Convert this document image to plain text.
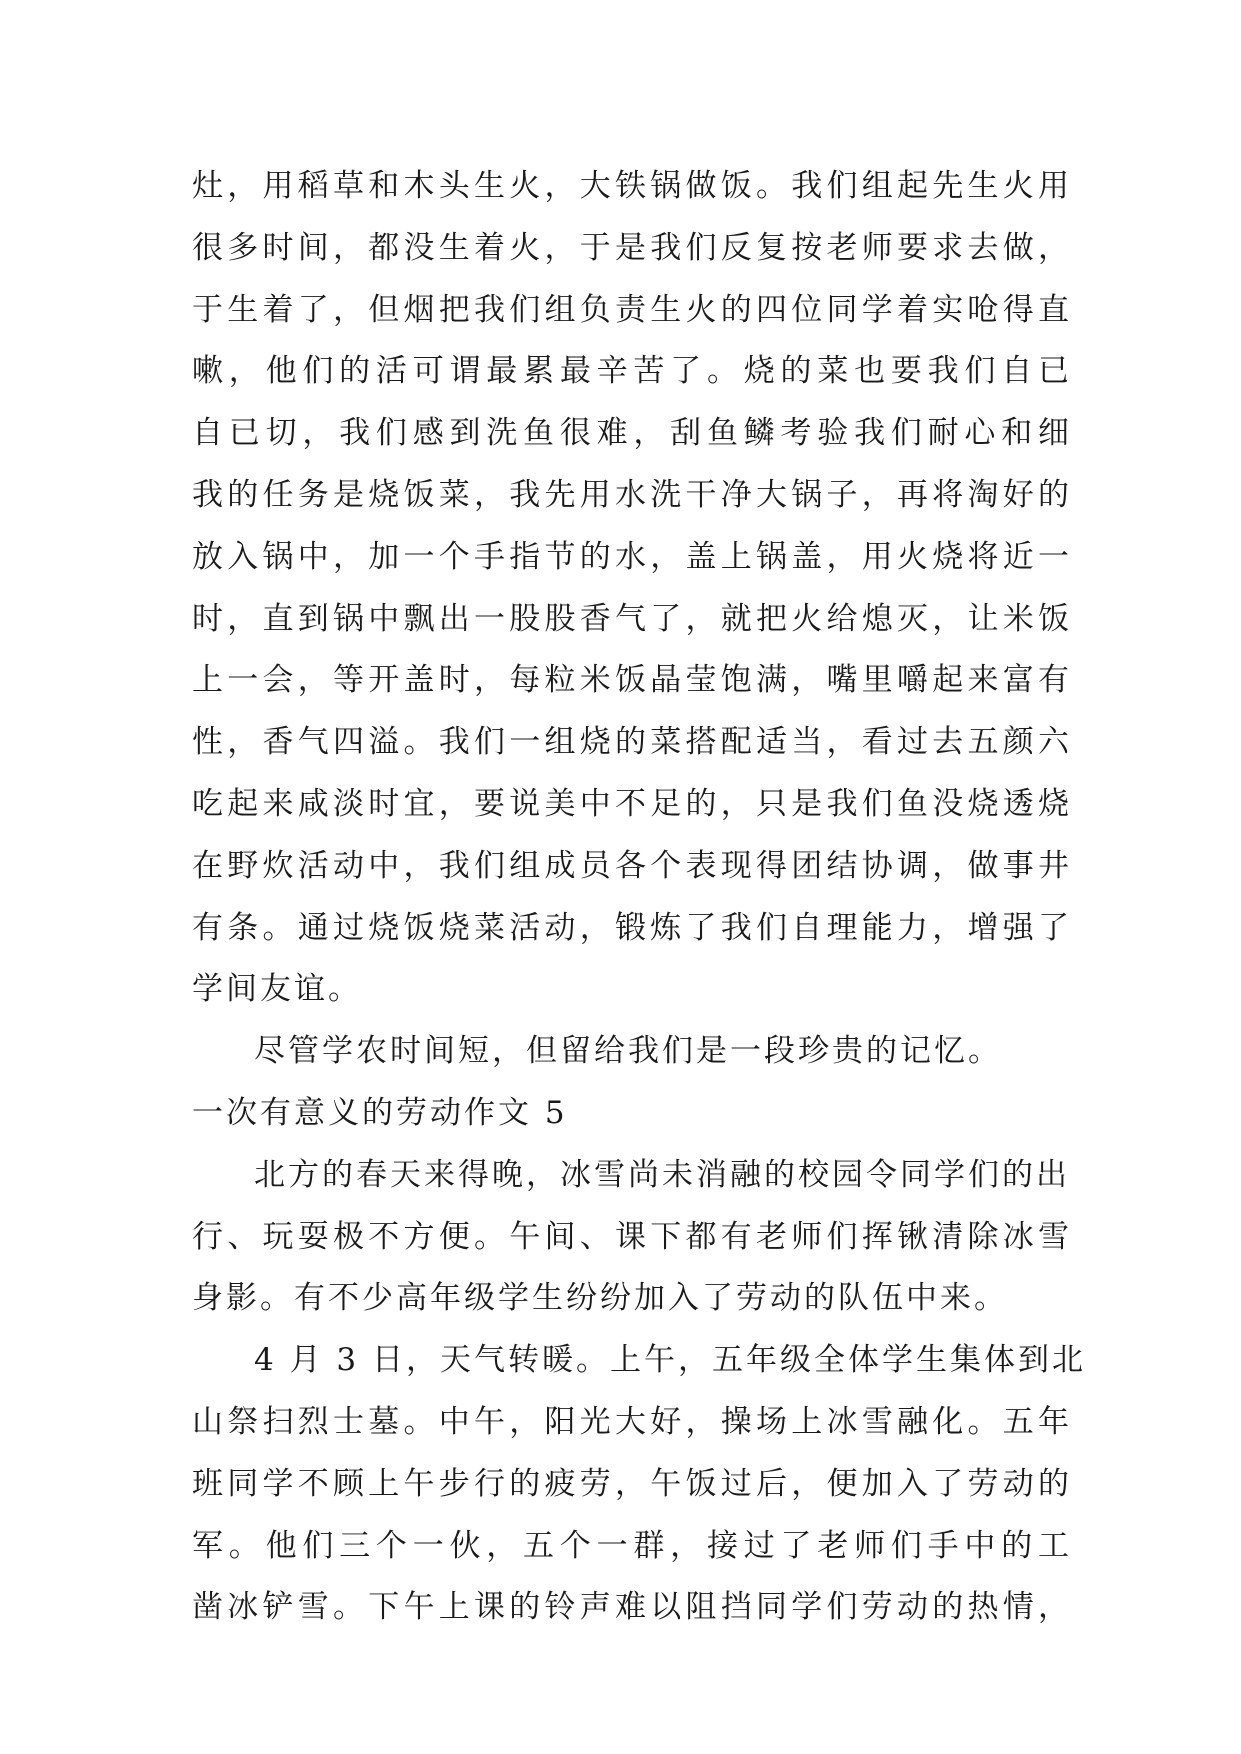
灶，用稻草和木头生火，大铁锅做饭。我们组起先生火用
很多时间，都没生着火，于是我们反复按老师要求去做，
于生着了，但烟把我们组负责生火的四位同学着实呛得直
嗽，他们的活可谓最累最辛苦了。烧的菜也要我们自已
自已切，我们感到洗鱼很难，刮鱼鳞考验我们耐心和细
我的任务是烧饭菜，我先用水洗干净大锅子，再将淘好的
放入锅中，加一个手指节的水，盖上锅盖，用火烧将近一
时，直到锅中飘出一股股香气了，就把火给熄灭，让米饭
上一会，等开盖时，每粒米饭晶莹饱满，嘴里嚼起来富有
性，香气四溢。我们一组烧的菜搭配适当，看过去五颜六
吃起来咸淡时宜，要说美中不足的，只是我们鱼没烧透烧
在野炊活动中，我们组成员各个表现得团结协调，做事井
有条。通过烧饭烧菜活动，锻炼了我们自理能力，增强了
学间友谊。
尽管学农时间短，但留给我们是一段珍贵的记忆。
一次有意义的劳动作文 5
北方的春天来得晚，冰雪尚未消融的校园令同学们的出
行、玩耍极不方便。午间、课下都有老师们挥锹清除冰雪
身影。有不少高年级学生纷纷加入了劳动的队伍中来。
4 月 3 日，天气转暖。上午，五年级全体学生集体到北
山祭扫烈士墓。中午，阳光大好，操场上冰雪融化。五年
班同学不顾上午步行的疲劳，午饭过后，便加入了劳动的
军。他们三个一伙，五个一群，接过了老师们手中的工
凿冰铲雪。下午上课的铃声难以阻挡同学们劳动的热情，
